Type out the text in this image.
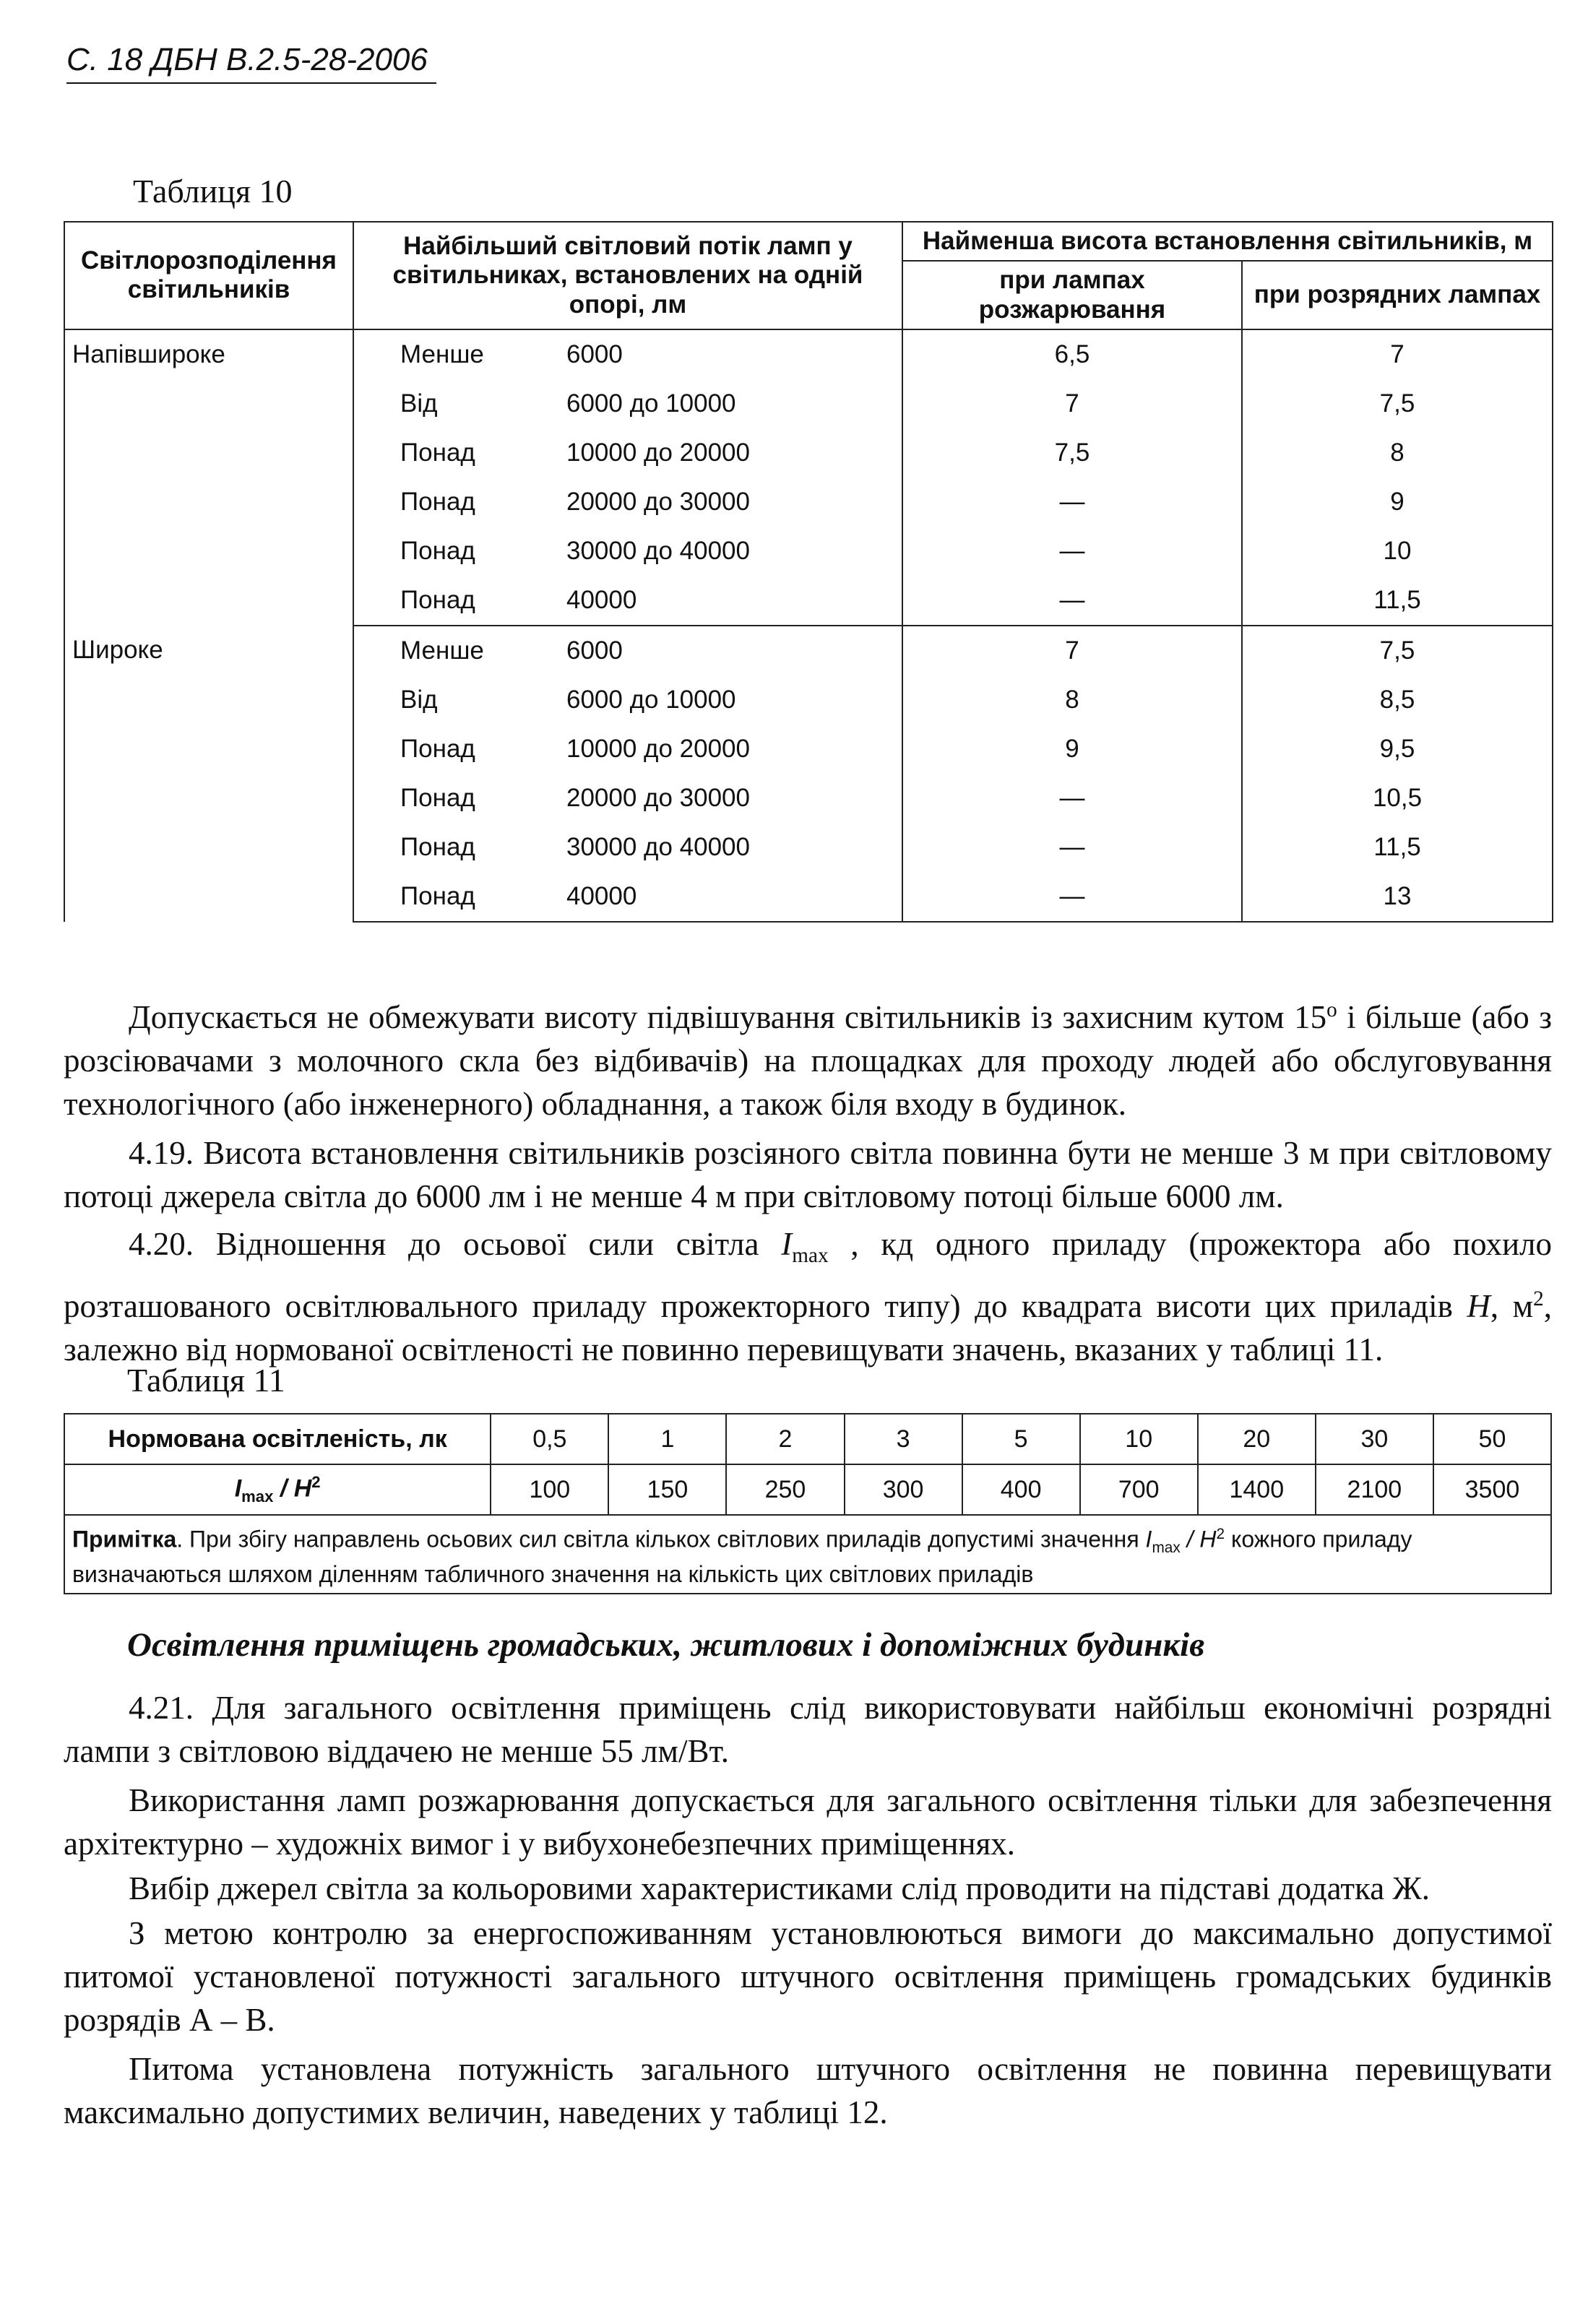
С. 18 ДБН В.2.5-28-2006
Таблиця 10
Світлорозподілення світильників	Найбільший світловий потік ламп у світильниках, встановлених на одній опорі, лм	Найменша висота встановлення світильників, м	
		при лампах розжарювання	при розрядних лампах
Напівшироке	Менше 6000	6,5	7
	Від 6000 до 10000	7	7,5
	Понад 10000 до 20000	7,5	8
	Понад 20000 до 30000	—	9
	Понад 30000 до 40000	—	10
	Понад 40000	—	11,5
Широке	Менше 6000	7	7,5
	Від 6000 до 10000	8	8,5
	Понад 10000 до 20000	9	9,5
	Понад 20000 до 30000	—	10,5
	Понад 30000 до 40000	—	11,5
	Понад 40000	—	13
Допускається не обмежувати висоту підвішування світильників із захисним кутом 15$^o$ і більше (або з розсіювачами з молочного скла без відбивачів) на площадках для проходу людей або обслуговування технологічного (або інженерного) обладнання, а також біля входу в будинок.
4.19. Висота встановлення світильників розсіяного світла повинна бути не менше 3 м при світловому потоці джерела світла до 6000 лм і не менше 4 м при світловому потоці більше 6000 лм.
4.20. Відношення до осьової сили світла $I_{max}$ , кд одного приладу (прожектора або похило розташованого освітлювального приладу прожекторного типу) до квадрата висоти цих приладів H, $м^2$, залежно від нормованої освітленості не повинно перевищувати значень, вказаних у таблиці 11.
Таблиця 11
Нормована освітленість, лк	0,5	1	2	3	5	10	20	30	50
$I_{max} / H^2$	100	150	250	300	400	700	1400	2100	3500
Примітка. При збігу направлень осьових сил світла кількох світлових приладів допустимі значення $I_{max} / H^2$ кожного приладу визначаються шляхом діленням табличного значення на кількість цих світлових приладів									
Освітлення приміщень громадських, житлових і допоміжних будинків
4.21. Для загального освітлення приміщень слід використовувати найбільш економічні розрядні лампи з світловою віддачею не менше 55 лм/Вт.
Використання ламп розжарювання допускається для загального освітлення тільки для забезпечення архітектурно – художніх вимог і у вибухонебезпечних приміщеннях.
Вибір джерел світла за кольоровими характеристиками слід проводити на підставі додатка Ж.
З метою контролю за енергоспоживанням установлюються вимоги до максимально допустимої питомої установленої потужності загального штучного освітлення приміщень громадських будинків розрядів А – В.
Питома установлена потужність загального штучного освітлення не повинна перевищувати максимально допустимих величин, наведених у таблиці 12.
